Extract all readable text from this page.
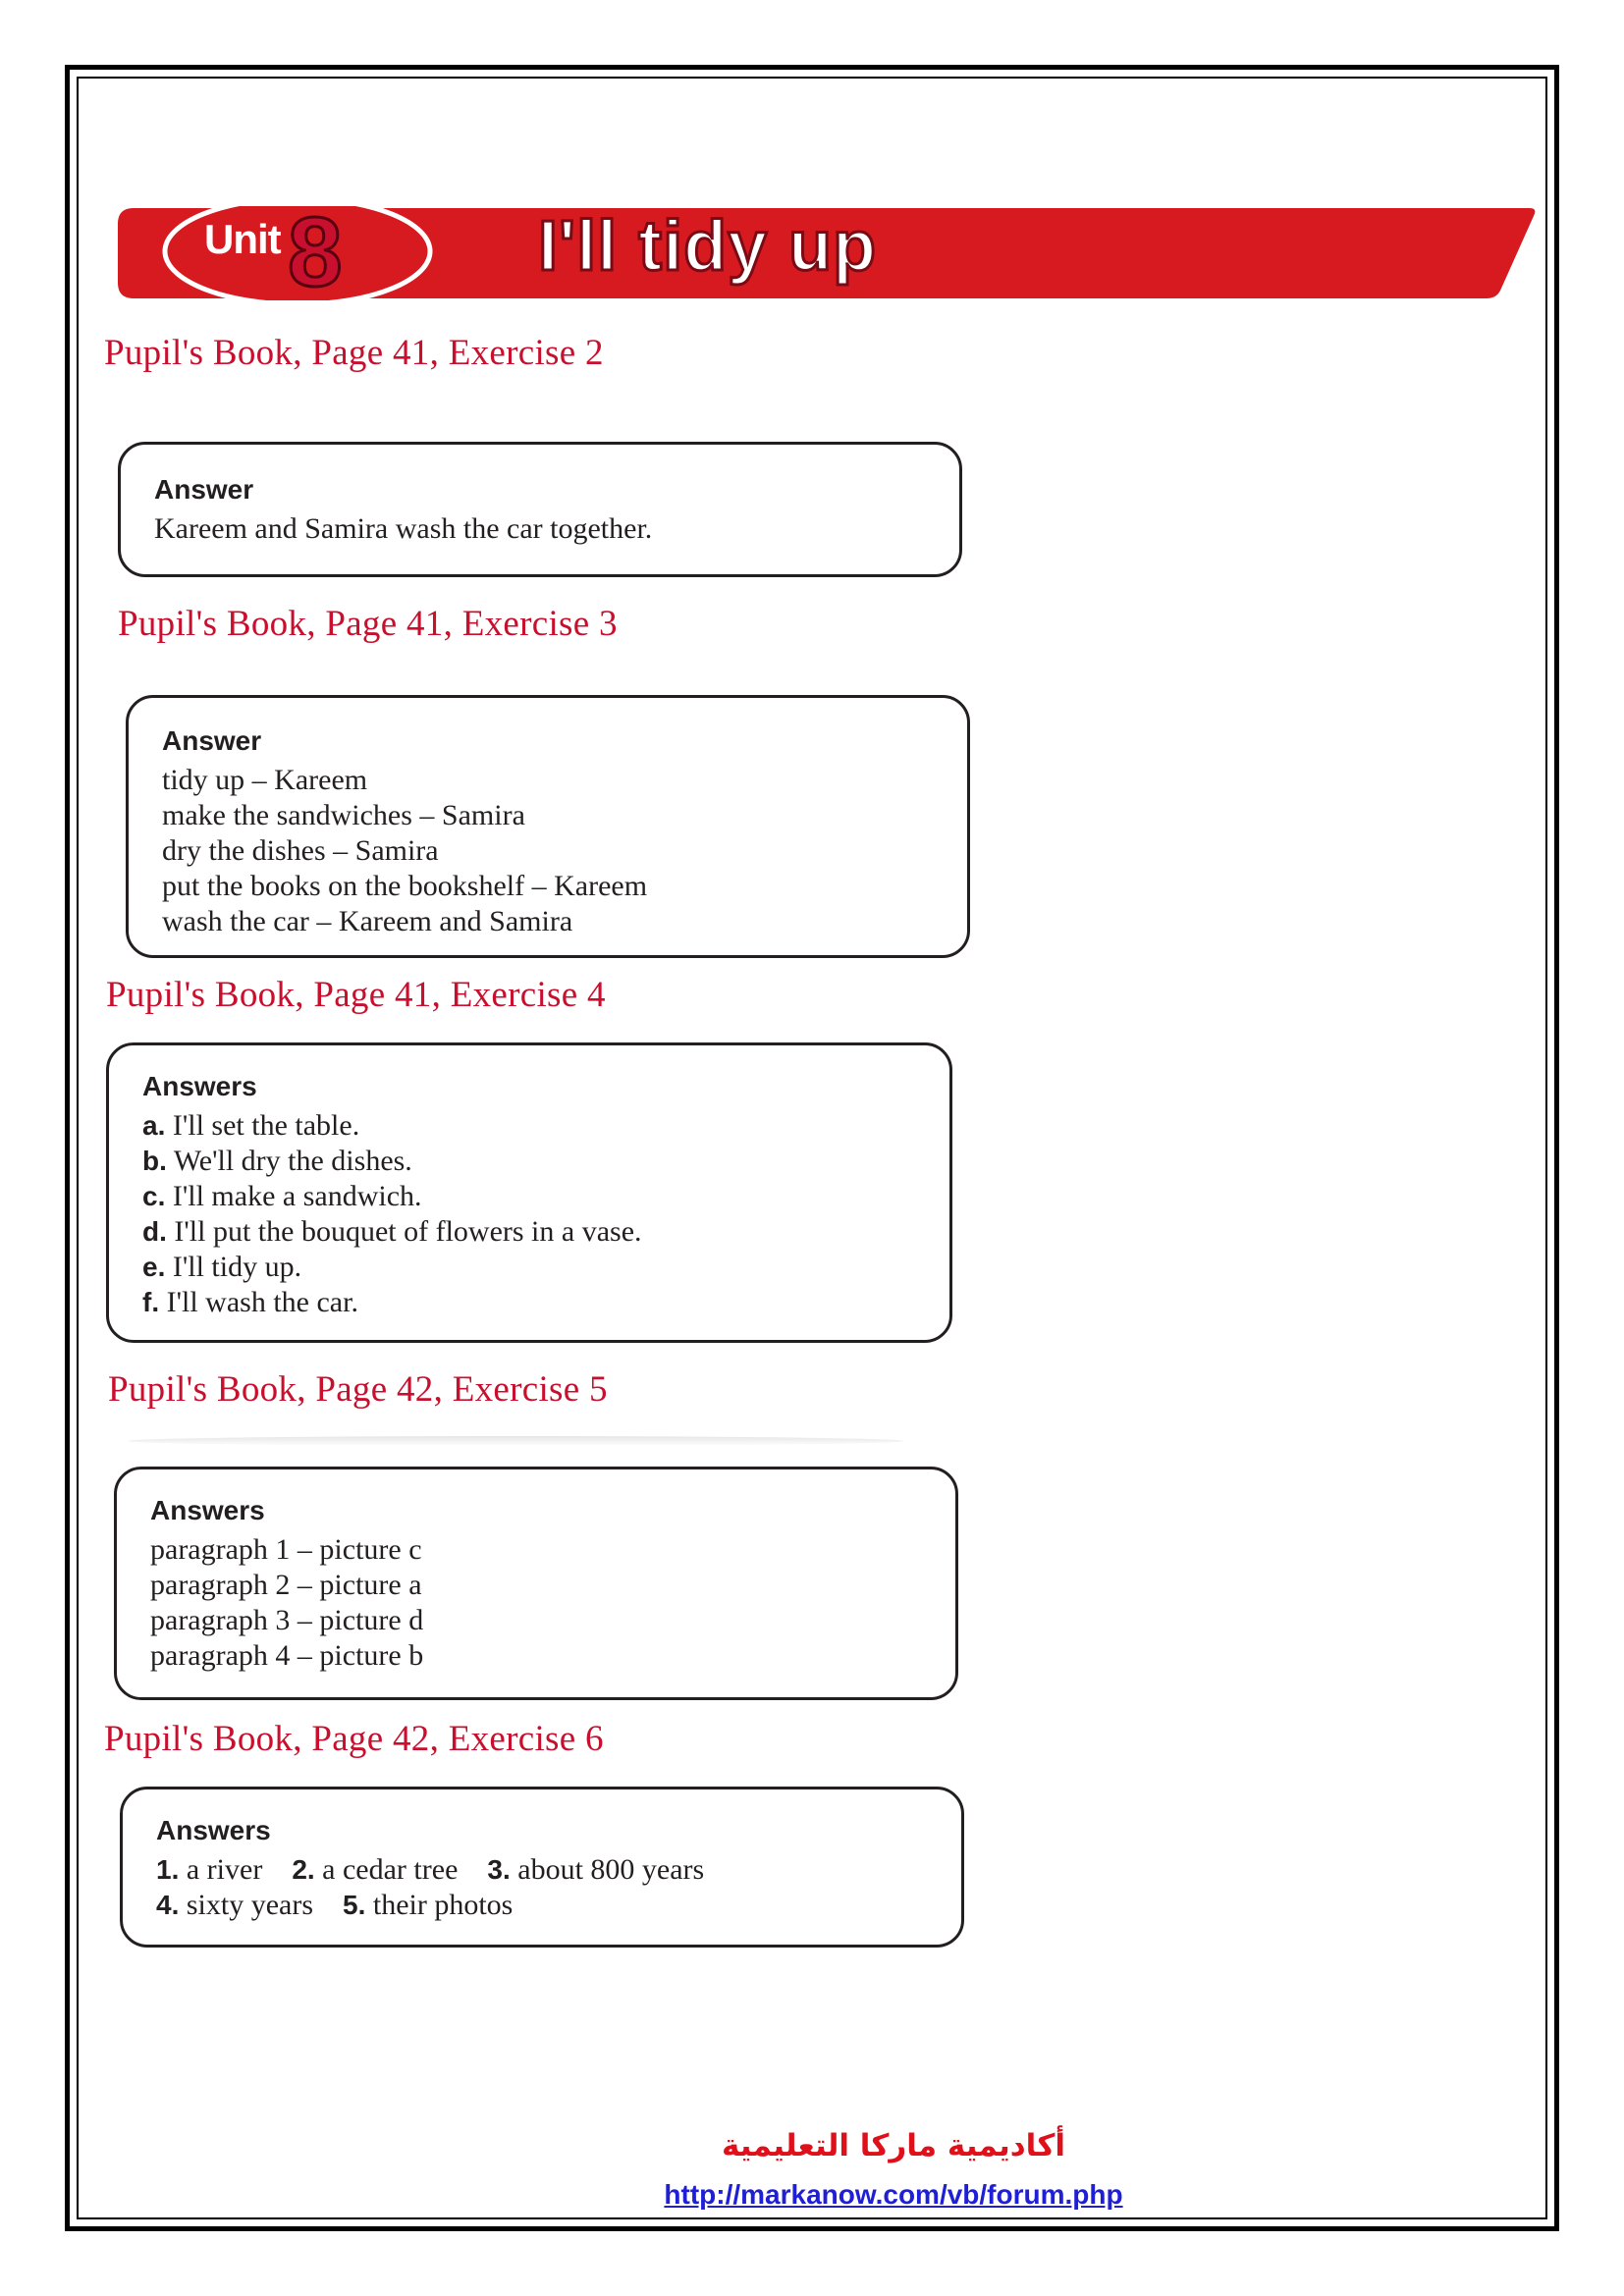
Unit 8	I'll tidy up
Pupil's Book, Page 41, Exercise 2
Answer
Kareem and Samira wash the car together.
Pupil's Book, Page 41, Exercise 3
Answer
tidy up – Kareem
make the sandwiches – Samira
dry the dishes – Samira
put the books on the bookshelf – Kareem
wash the car – Kareem and Samira
Pupil's Book, Page 41, Exercise 4
Answers
a. I'll set the table.
b. We'll dry the dishes.
c. I'll make a sandwich.
d. I'll put the bouquet of flowers in a vase.
e. I'll tidy up.
f. I'll wash the car.
Pupil's Book, Page 42, Exercise 5
Answers
paragraph 1 – picture c
paragraph 2 – picture a
paragraph 3 – picture d
paragraph 4 – picture b
Pupil's Book, Page 42, Exercise 6
Answers
1. a river 2. a cedar tree 3. about 800 years
4. sixty years 5. their photos
أكاديمية ماركا التعليمية
http://markanow.com/vb/forum.php
